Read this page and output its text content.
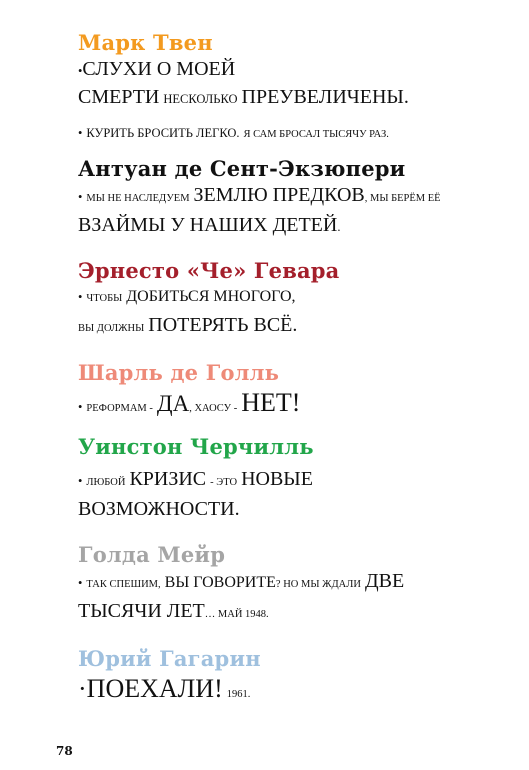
Марк Твен

•СЛУХИ О МОЕЙ
СМЕРТИ НЕСКОЛЬКО ПРЕУВЕЛИЧЕНЫ.

• КУРИТЬ БРОСИТЬ ЛЕГКО. Я САМ БРОСАЛ ТЫСЯЧУ РАЗ.

Антуан де Сент-Экзюпери

• МЫ НЕ НАСЛЕДУЕМ ЗЕМЛЮ ПРЕДКОВ, МЫ БЕРЁМ ЕЁ
ВЗАЙМЫ У НАШИХ ДЕТЕЙ.

Эрнесто «Че» Гевара

• ЧТОБЫ ДОБИТЬСЯ МНОГОГО,
ВЫ ДОЛЖНЫ ПОТЕРЯТЬ ВСЁ.

Шарль де Голль

• РЕФОРМАМ - ДА, ХАОСУ - НЕТ!

Уинстон Черчилль

• ЛЮБОЙ КРИЗИС - ЭТО НОВЫЕ
ВОЗМОЖНОСТИ.

Голда Мейр

• ТАК СПЕШИМ, ВЫ ГОВОРИТЕ? НО МЫ ЖДАЛИ ДВЕ
ТЫСЯЧИ ЛЕТ… МАЙ 1948.

Юрий Гагарин

·ПОЕХАЛИ! 1961.

78
